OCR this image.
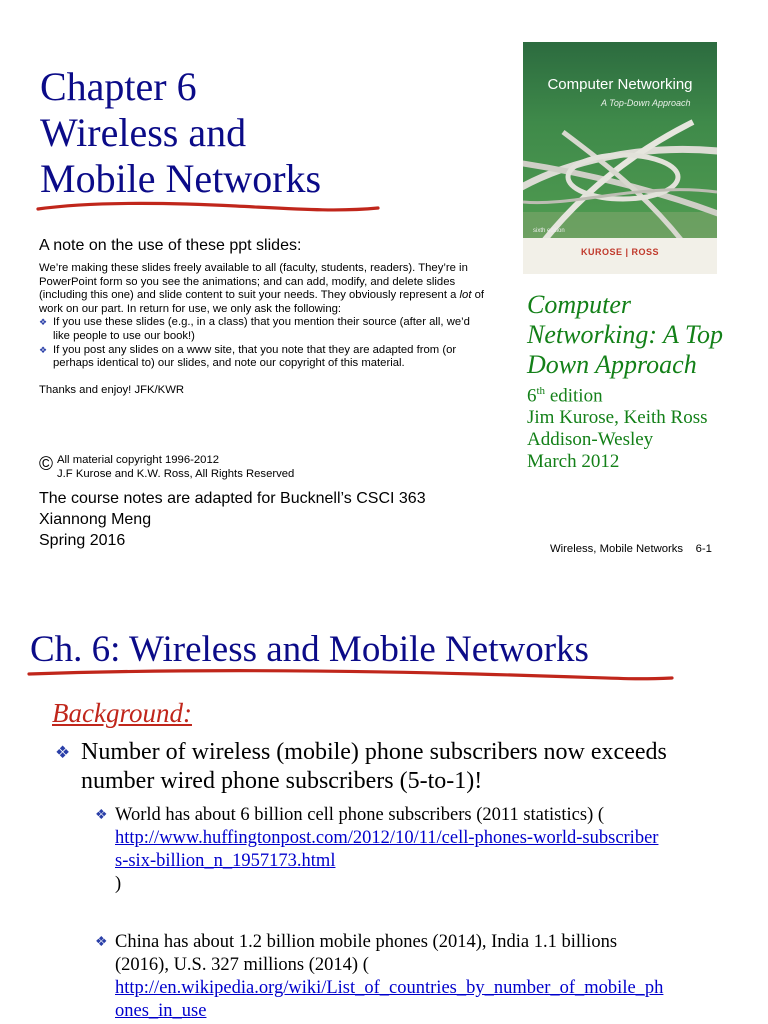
Chapter 6
Wireless and
Mobile Networks
A note on the use of these ppt slides:

We’re making these slides freely available to all (faculty, students, readers). They’re in PowerPoint form so you see the animations; and can add, modify, and delete slides (including this one) and slide content to suit your needs. They obviously represent a lot of work on our part. In return for use, we only ask the following:

❖ If you use these slides (e.g., in a class) that you mention their source (after all, we’d like people to use our book!)
❖ If you post any slides on a www site, that you note that they are adapted from (or perhaps identical to) our slides, and note our copyright of this material.

Thanks and enjoy! JFK/KWR

© All material copyright 1996-2012
J.F Kurose and K.W. Ross, All Rights Reserved
The course notes are adapted for Bucknell’s CSCI 363
Xiannong Meng
Spring 2016
Computer Networking
A Top-Down Approach
sixth edition
KUROSE | ROSS
Computer
Networking: A Top
Down Approach
6th edition
Jim Kurose, Keith Ross
Addison-Wesley
March 2012
Wireless, Mobile Networks    6-1
Ch. 6: Wireless and Mobile Networks
Background:
❖ Number of wireless (mobile) phone subscribers now exceeds number wired phone subscribers (5-to-1)!
❖ World has about 6 billion cell phone subscribers (2011 statistics) (
http://www.huffingtonpost.com/2012/10/11/cell-phones-world-subscribers-six-billion_n_1957173.html
)
❖ China has about 1.2 billion mobile phones (2014), India 1.1 billions (2016), U.S. 327 millions (2014) (
http://en.wikipedia.org/wiki/List_of_countries_by_number_of_mobile_phones_in_use
